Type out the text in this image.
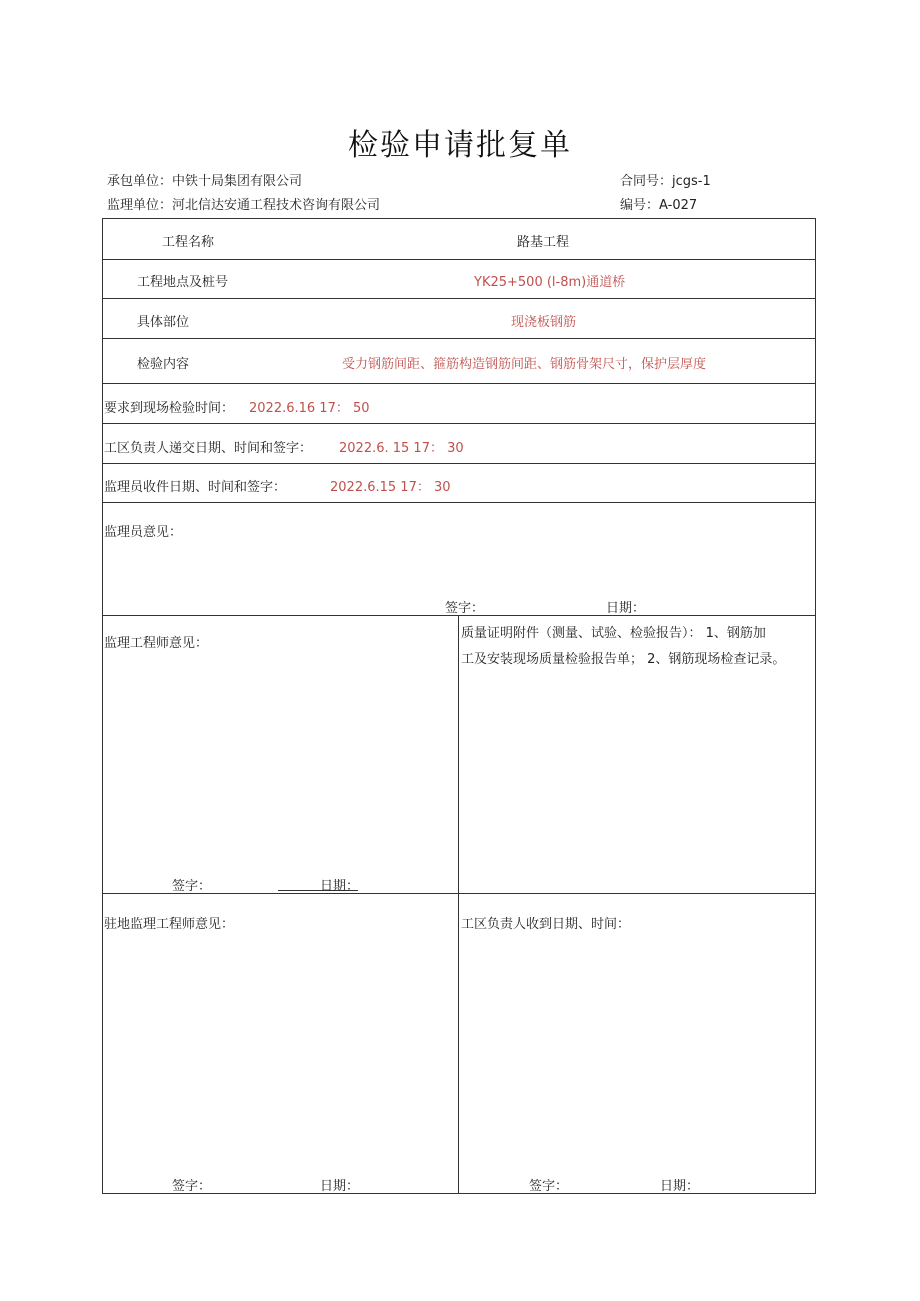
检验申请批复单
承包单位：中铁十局集团有限公司	合同号：jcgs-1
监理单位：河北信达安通工程技术咨询有限公司	编号：A-027
工程名称	路基工程
工程地点及桩号	YK25+500 (l-8m)通道桥
具体部位	现浇板钢筋
检验内容	受力钢筋间距、箍筋构造钢筋间距、钢筋骨架尺寸，保护层厚度
要求到现场检验时间： 2022.6.16 17： 50
工区负责人递交日期、时间和签字： 2022.6. 15 17： 30
监理员收件日期、时间和签字：	2022.6.15 17： 30
监理员意见：
签字：	日期：
监理工程师意见：
质量证明附件（测量、试验、检验报告）： 1、钢筋加
工及安装现场质量检验报告单； 2、钢筋现场检查记录。
签字：	日期：
驻地监理工程师意见：	工区负责人收到日期、时间：
签字：	日期：	签字：	日期：
